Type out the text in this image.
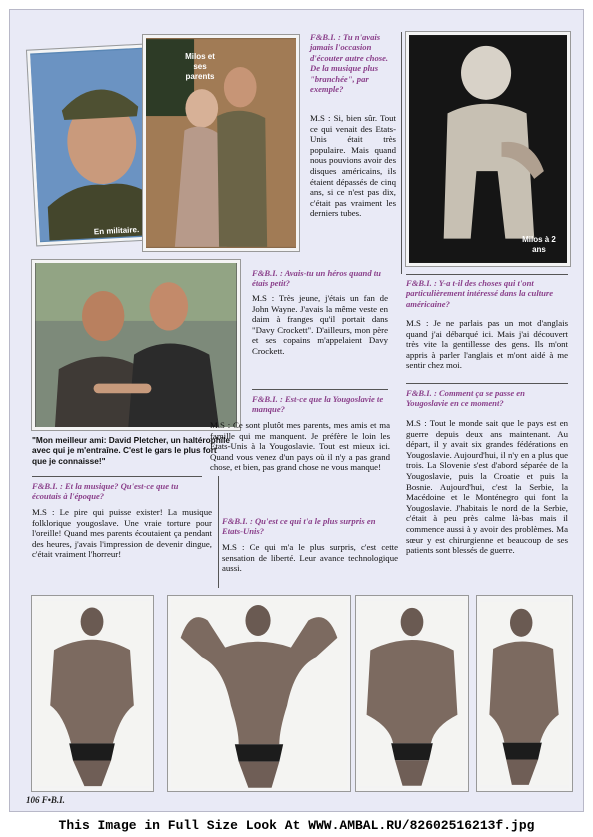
En militaire.
Milos et ses parents
F&B.I. : Tu n'avais jamais l'occasion d'écouter autre chose. De la musique plus "branchée", par exemple?
M.S : Si, bien sûr. Tout ce qui venait des Etats-Unis était très populaire. Mais quand nous pouvions avoir des disques américains, ils étaient dépassés de cinq ans, si ce n'est pas dix, c'était pas vraiment les derniers tubes.
Milos à 2 ans
"Mon meilleur ami: David Pletcher, un haltérophile avec qui je m'entraîne. C'est le gars le plus fort que je connaisse!"
F&B.I. : Avais-tu un héros quand tu étais petit?
M.S : Très jeune, j'étais un fan de John Wayne. J'avais la même veste en daim à franges qu'il portait dans "Davy Crockett". D'ailleurs, mon père et ses copains m'appelaient Davy Crockett.
F&B.I. : Est-ce que la Yougoslavie te manque?
M.S : Ce sont plutôt mes parents, mes amis et ma famille qui me manquent. Je préfère le loin les Etats-Unis à la Yougoslavie. Tout est mieux ici. Quand vous venez d'un pays où il n'y a pas grand chose, et bien, pas grand chose ne vous manque!
F&B.I. : Y-a t-il des choses qui t'ont particulièrement intéressé dans la culture américaine?
M.S : Je ne parlais pas un mot d'anglais quand j'ai débarqué ici. Mais j'ai découvert très vite la gentillesse des gens. Ils m'ont appris à parler l'anglais et m'ont aidé à me sentir chez moi.
F&B.I. : Comment ça se passe en Yougoslavie en ce moment?
M.S : Tout le monde sait que le pays est en guerre depuis deux ans maintenant. Au départ, il y avait six grandes fédérations en Yougoslavie. Aujourd'hui, il n'y en a plus que trois. La Slovenie s'est d'abord séparée de la Yougoslavie, puis la Croatie et puis la Bosnie. Aujourd'hui, c'est la Serbie, la Macédoine et le Monténegro qui font la Yougoslavie. J'habitais le nord de la Serbie, c'était à peu près calme là-bas mais il commence aussi à y avoir des problèmes. Ma sœur y est chirurgienne et beaucoup de ses patients sont blessés de guerre.
F&B.I. : Et la musique? Qu'est-ce que tu écoutais à l'époque?
M.S : Le pire qui puisse exister! La musique folklorique yougoslave. Une vraie torture pour l'oreille! Quand mes parents écoutaient ça pendant des heures, j'avais l'impression de devenir dingue, c'était vraiment l'horreur!
F&B.I. : Qu'est ce qui t'a le plus surpris en Etats-Unis?
M.S : Ce qui m'a le plus surpris, c'est cette sensation de liberté. Leur avance technologique aussi.
106 F•B.I.
This Image in Full Size Look At WWW.AMBAL.RU/82602516213f.jpg
